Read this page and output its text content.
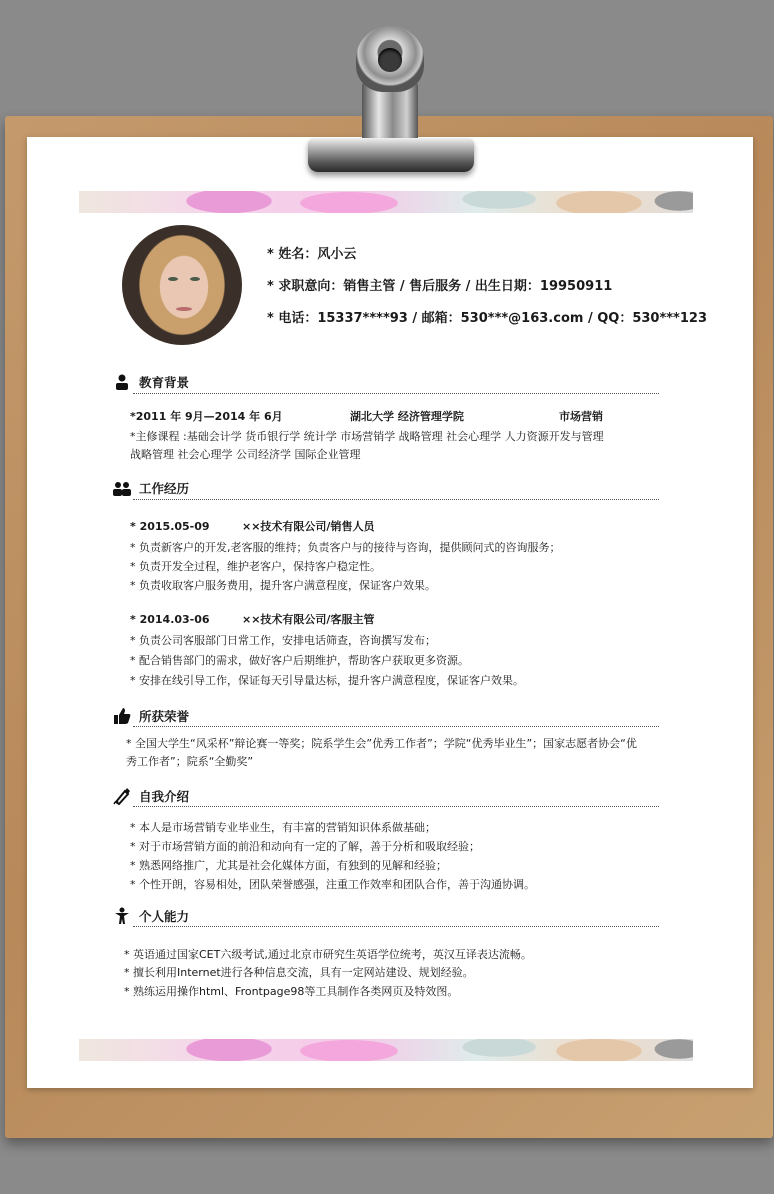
* 姓名：风小云
* 求职意向：销售主管 / 售后服务 / 出生日期：19950911
* 电话：15337****93 / 邮箱：530***@163.com / QQ：530***123
教育背景
*2011 年 9月—2014 年 6月	湖北大学 经济管理学院	市场营销
*主修课程 :基础会计学 货币银行学 统计学 市场营销学 战略管理 社会心理学 人力资源开发与管理
战略管理 社会心理学 公司经济学 国际企业管理
工作经历
* 2015.05-09	××技术有限公司/销售人员
* 负责新客户的开发,老客服的维持；负责客户与的接待与咨询，提供顾问式的咨询服务；
* 负责开发全过程，维护老客户，保持客户稳定性。
* 负责收取客户服务费用，提升客户满意程度，保证客户效果。
* 2014.03-06	××技术有限公司/客服主管
* 负责公司客服部门日常工作，安排电话筛查，咨询撰写发布；
* 配合销售部门的需求，做好客户后期维护，帮助客户获取更多资源。
* 安排在线引导工作，保证每天引导量达标，提升客户满意程度，保证客户效果。
所获荣誉
* 全国大学生“风采杯”辩论赛一等奖；院系学生会”优秀工作者”；学院“优秀毕业生”；国家志愿者协会“优
秀工作者”；院系“全勤奖”
自我介绍
* 本人是市场营销专业毕业生，有丰富的营销知识体系做基础；
* 对于市场营销方面的前沿和动向有一定的了解，善于分析和吸取经验；
* 熟悉网络推广，尤其是社会化媒体方面，有独到的见解和经验；
* 个性开朗，容易相处，团队荣誉感强，注重工作效率和团队合作，善于沟通协调。
个人能力
* 英语通过国家CET六级考试,通过北京市研究生英语学位统考，英汉互译表达流畅。
* 擅长利用Internet进行各种信息交流，具有一定网站建设、规划经验。
* 熟练运用操作html、Frontpage98等工具制作各类网页及特效图。
